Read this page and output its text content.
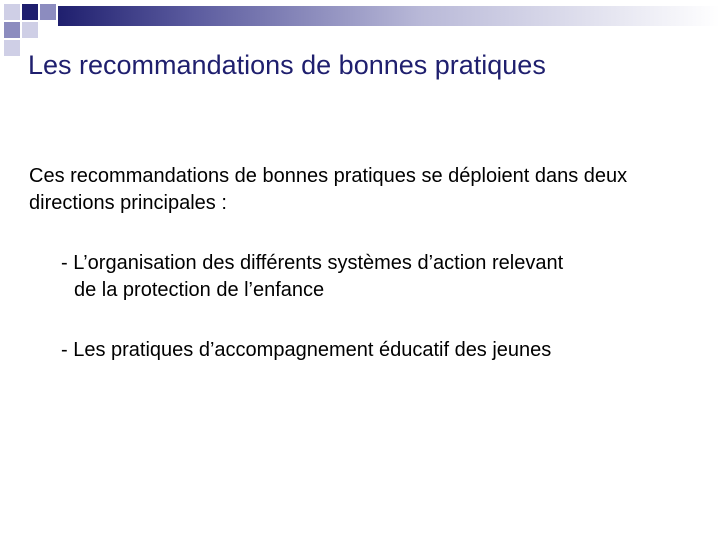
Les recommandations de bonnes pratiques

Ces recommandations de bonnes pratiques se déploient dans deux directions principales :

- L’organisation des différents systèmes d’action relevant
de la protection de l’enfance

- Les pratiques d’accompagnement éducatif des jeunes
